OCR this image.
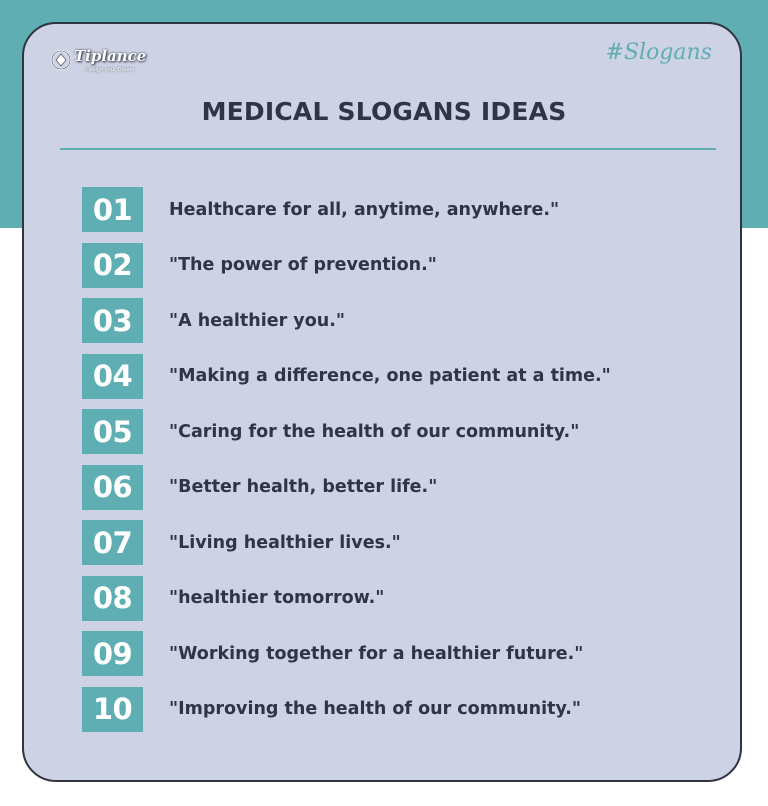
Tiplance
Design your Dream
#Slogans
MEDICAL SLOGANS IDEAS
01	Healthcare for all, anytime, anywhere."
02	"The power of prevention."
03	"A healthier you."
04	"Making a difference, one patient at a time."
05	"Caring for the health of our community."
06	"Better health, better life."
07	"Living healthier lives."
08	"healthier tomorrow."
09	"Working together for a healthier future."
10	"Improving the health of our community."
